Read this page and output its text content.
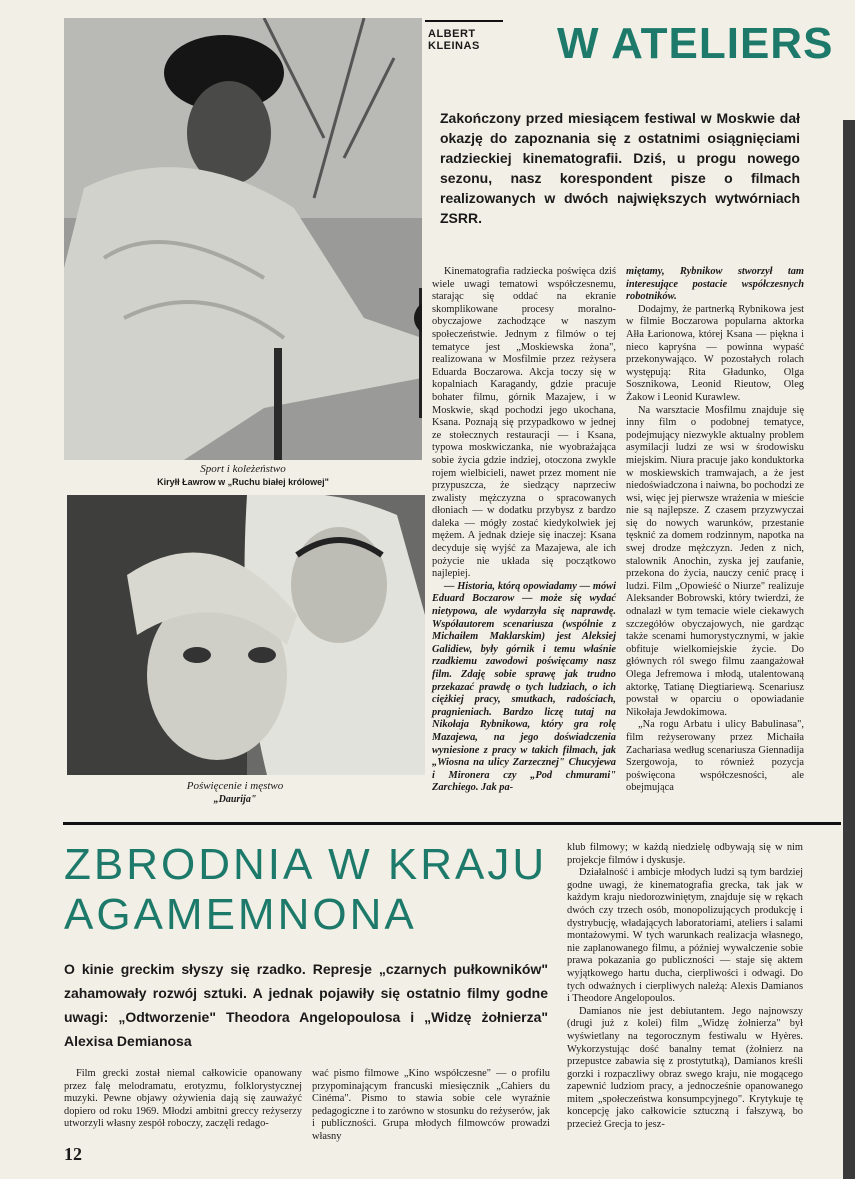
Sport i koleżeństwo
Kiryłł Ławrow w „Ruchu białej królowej"
Poświęcenie i męstwo
„Daurija"
ALBERT
KLEINAS	W ATELIERS
Zakończony przed miesiącem festiwal w Moskwie dał okazję do zapoznania się z ostatnimi osiągnięciami radzieckiej kinematografii. Dziś, u progu nowego sezonu, nasz korespondent pisze o filmach realizowanych w dwóch największych wytwórniach ZSRR.

Kinematografia radziecka poświęca dziś wiele uwagi tematowi współczesnemu, starając się oddać na ekranie skomplikowane procesy moralno-obyczajowe zachodzące w naszym społeczeństwie. Jednym z filmów o tej tematyce jest „Moskiewska żona", realizowana w Mosfilmie przez reżysera Eduarda Boczarowa. Akcja toczy się w kopalniach Karagandy, gdzie pracuje bohater filmu, górnik Mazajew, i w Moskwie, skąd pochodzi jego ukochana, Ksana. Poznają się przypadkowo w jednej ze stołecznych restauracji — i Ksana, typowa moskwiczanka, nie wyobrażająca sobie życia gdzie indziej, otoczona zwykle rojem wielbicieli, nawet przez moment nie przypuszcza, że siedzący naprzeciw zwalisty mężczyzna o spracowanych dłoniach — w dodatku przybysz z bardzo daleka — mógły zostać kiedykolwiek jej mężem. A jednak dzieje się inaczej: Ksana decyduje się wyjść za Mazajewa, ale ich pożycie nie układa się początkowo najlepiej.

— Historia, którą opowiadamy — mówi Eduard Boczarow — może się wydać nietypowa, ale wydarzyła się naprawdę. Współautorem scenariusza (wspólnie z Michaiłem Maklarskim) jest Aleksiej Galidiew, były górnik i temu właśnie rzadkiemu zawodowi poświęcamy nasz film. Zdaję sobie sprawę jak trudno przekazać prawdę o tych ludziach, o ich ciężkiej pracy, smutkach, radościach, pragnieniach. Bardzo liczę tutaj na Nikołaja Rybnikowa, który gra rolę Mazajewa, na jego doświadczenia wyniesione z pracy w takich filmach, jak „Wiosna na ulicy Zarzecznej" Chucyjewa i Mironera czy „Pod chmurami" Zarchiego. Jak pa-

miętamy, Rybnikow stworzył tam interesujące postacie współczesnych robotników.

Dodajmy, że partnerką Rybnikowa jest w filmie Boczarowa popularna aktorka Ałła Łarionowa, której Ksana — piękna i nieco kapryśna — powinna wypaść przekonywająco. W pozostałych rolach występują: Rita Gładunko, Olga Sosznikowa, Leonid Rieutow, Oleg Żakow i Leonid Kurawlew.

Na warsztacie Mosfilmu znajduje się inny film o podobnej tematyce, podejmujący niezwykle aktualny problem asymilacji ludzi ze wsi w środowisku miejskim. Niura pracuje jako konduktorka w moskiewskich tramwajach, a że jest niedoświadczona i naiwna, bo pochodzi ze wsi, więc jej pierwsze wrażenia w mieście nie są najlepsze. Z czasem przyzwyczai się do nowych warunków, przestanie tęsknić za domem rodzinnym, napotka na swej drodze mężczyzn. Jeden z nich, stalownik Anochin, zyska jej zaufanie, przekona do życia, nauczy cenić pracę i ludzi. Film „Opowieść o Niurze" realizuje Aleksander Bobrowski, który twierdzi, że odnalazł w tym temacie wiele ciekawych szczegółów obyczajowych, nie gardząc także scenami humorystycznymi, w jakie obfituje wielkomiejskie życie. Do głównych ról swego filmu zaangażował Olega Jefremowa i młodą, utalentowaną aktorkę, Tatianę Diegtiariewą. Scenariusz powstał w oparciu o opowiadanie Nikołaja Jewdokimowa.

„Na rogu Arbatu i ulicy Babulinasa", film reżyserowany przez Michaiła Zachariasa według scenariusza Giennadija Szergowoja, to również pozycja poświęcona współczesności, ale obejmująca

ZBRODNIA W KRAJU
AGAMEMNONA
O kinie greckim słyszy się rzadko. Represje „czarnych pułkowników" zahamowały rozwój sztuki. A jednak pojawiły się ostatnio filmy godne uwagi: „Odtworzenie" Theodora Angelopoulosa i „Widzę żołnierza" Alexisa Demianosa

Film grecki został niemal całkowicie opanowany przez falę melodramatu, erotyzmu, folklorystycznej muzyki. Pewne objawy ożywienia dają się zauważyć dopiero od roku 1969. Młodzi ambitni greccy reżyserzy utworzyli własny zespół roboczy, zaczęli redago-

wać pismo filmowe „Kino współczesne" — o profilu przypominającym francuski miesięcznik „Cahiers du Cinéma". Pismo to stawia sobie cele wyraźnie pedagogiczne i to zarówno w stosunku do reżyserów, jak i publiczności. Grupa młodych filmowców prowadzi własny

klub filmowy; w każdą niedzielę odbywają się w nim projekcje filmów i dyskusje.

Działalność i ambicje młodych ludzi są tym bardziej godne uwagi, że kinematografia grecka, tak jak w każdym kraju niedorozwiniętym, znajduje się w rękach dwóch czy trzech osób, monopolizujących produkcję i dystrybucję, władających laboratoriami, ateliers i salami montażowymi. W tych warunkach realizacja własnego, nie zaplanowanego filmu, a później wywalczenie sobie prawa pokazania go publiczności — staje się aktem wyjątkowego hartu ducha, cierpliwości i odwagi. Do tych odważnych i cierpliwych należą: Alexis Damianos i Theodore Angelopoulos.

Damianos nie jest debiutantem. Jego najnowszy (drugi już z kolei) film „Widzę żołnierza" był wyświetlany na tegorocznym festiwalu w Hyères. Wykorzystując dość banalny temat (żołnierz na przepustce zabawia się z prostytutką), Damianos kreśli gorzki i rozpaczliwy obraz swego kraju, nie mogącego zapewnić ludziom pracy, a jednocześnie opanowanego mitem „społeczeństwa konsumpcyjnego". Krytykuje tę koncepcję jako całkowicie sztuczną i fałszywą, bo przecież Grecja to jesz-

12
